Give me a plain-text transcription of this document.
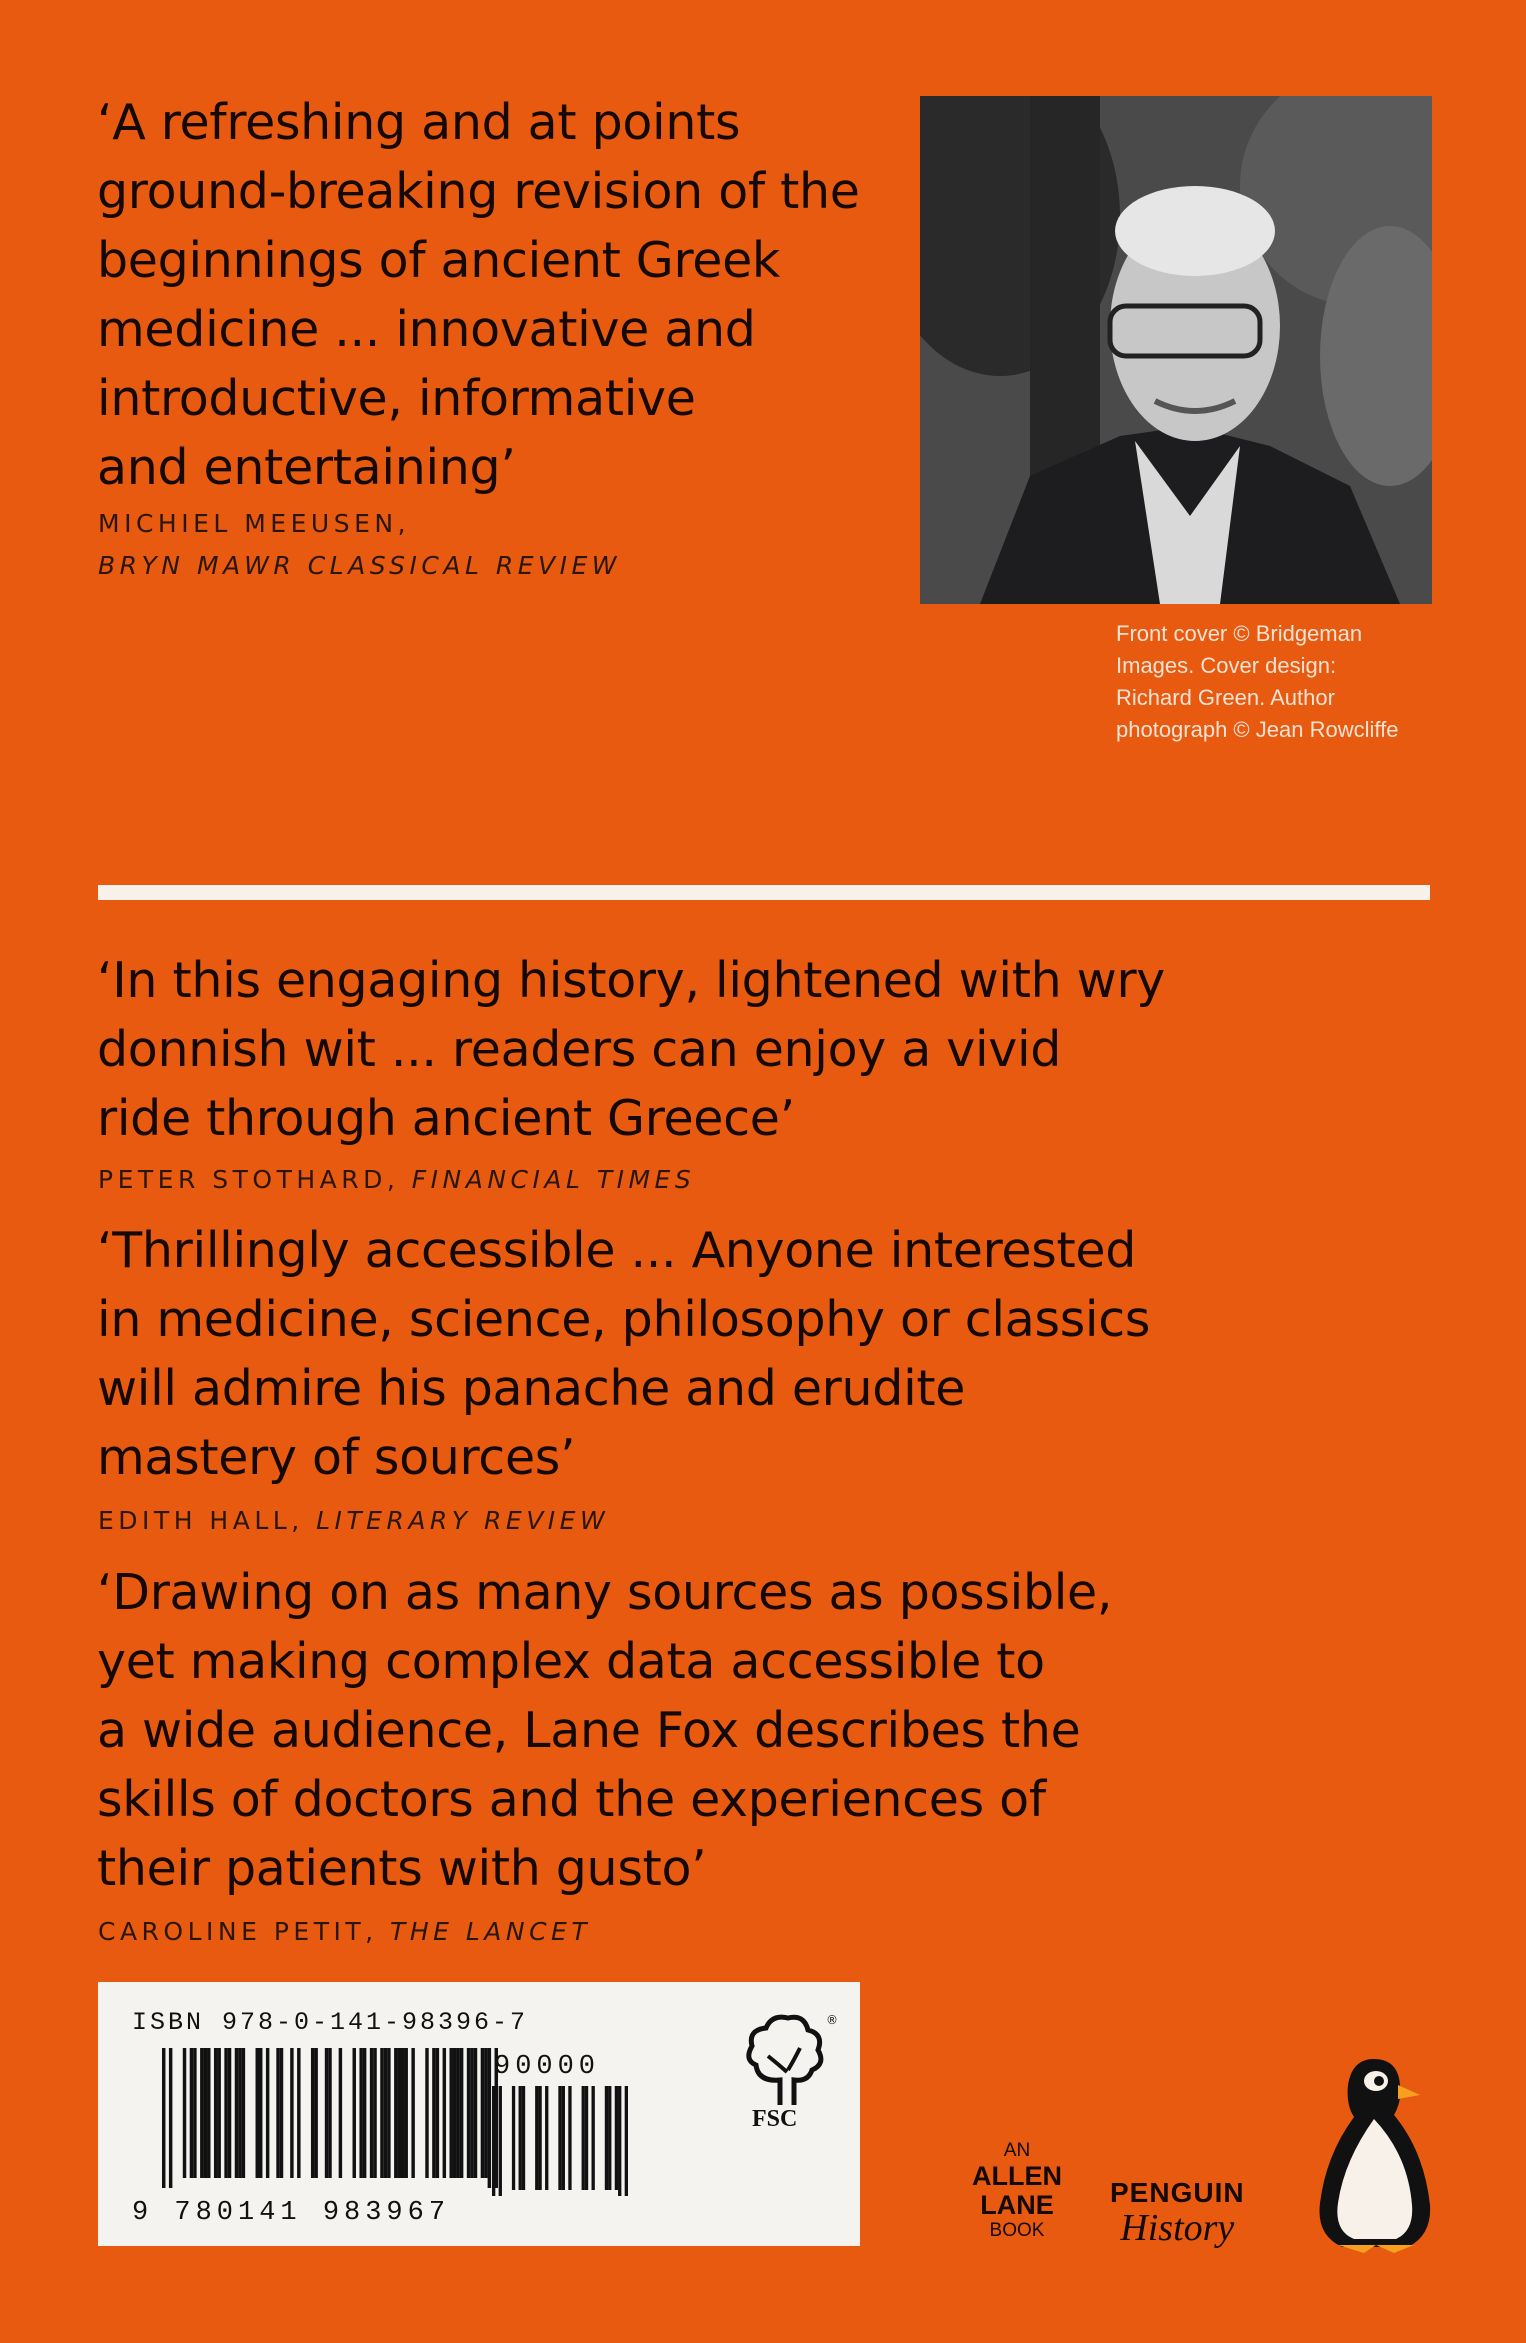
‘A refreshing and at points
ground-breaking revision of the
beginnings of ancient Greek
medicine ... innovative and
introductive, informative
and entertaining’

MICHIEL MEEUSEN,
BRYN MAWR CLASSICAL REVIEW
Front cover © Bridgeman
Images. Cover design:
Richard Green. Author
photograph © Jean Rowcliffe

‘In this engaging history, lightened with wry
donnish wit ... readers can enjoy a vivid
ride through ancient Greece’

PETER STOTHARD, FINANCIAL TIMES

‘Thrillingly accessible ... Anyone interested
in medicine, science, philosophy or classics
will admire his panache and erudite
mastery of sources’

EDITH HALL, LITERARY REVIEW

‘Drawing on as many sources as possible,
yet making complex data accessible to
a wide audience, Lane Fox describes the
skills of doctors and the experiences of
their patients with gusto’

CAROLINE PETIT, THE LANCET
ISBN 978-0-141-98396-7
9 780141 983967
90000
®
FSC
AN
ALLEN
LANE
BOOK
PENGUIN
History
